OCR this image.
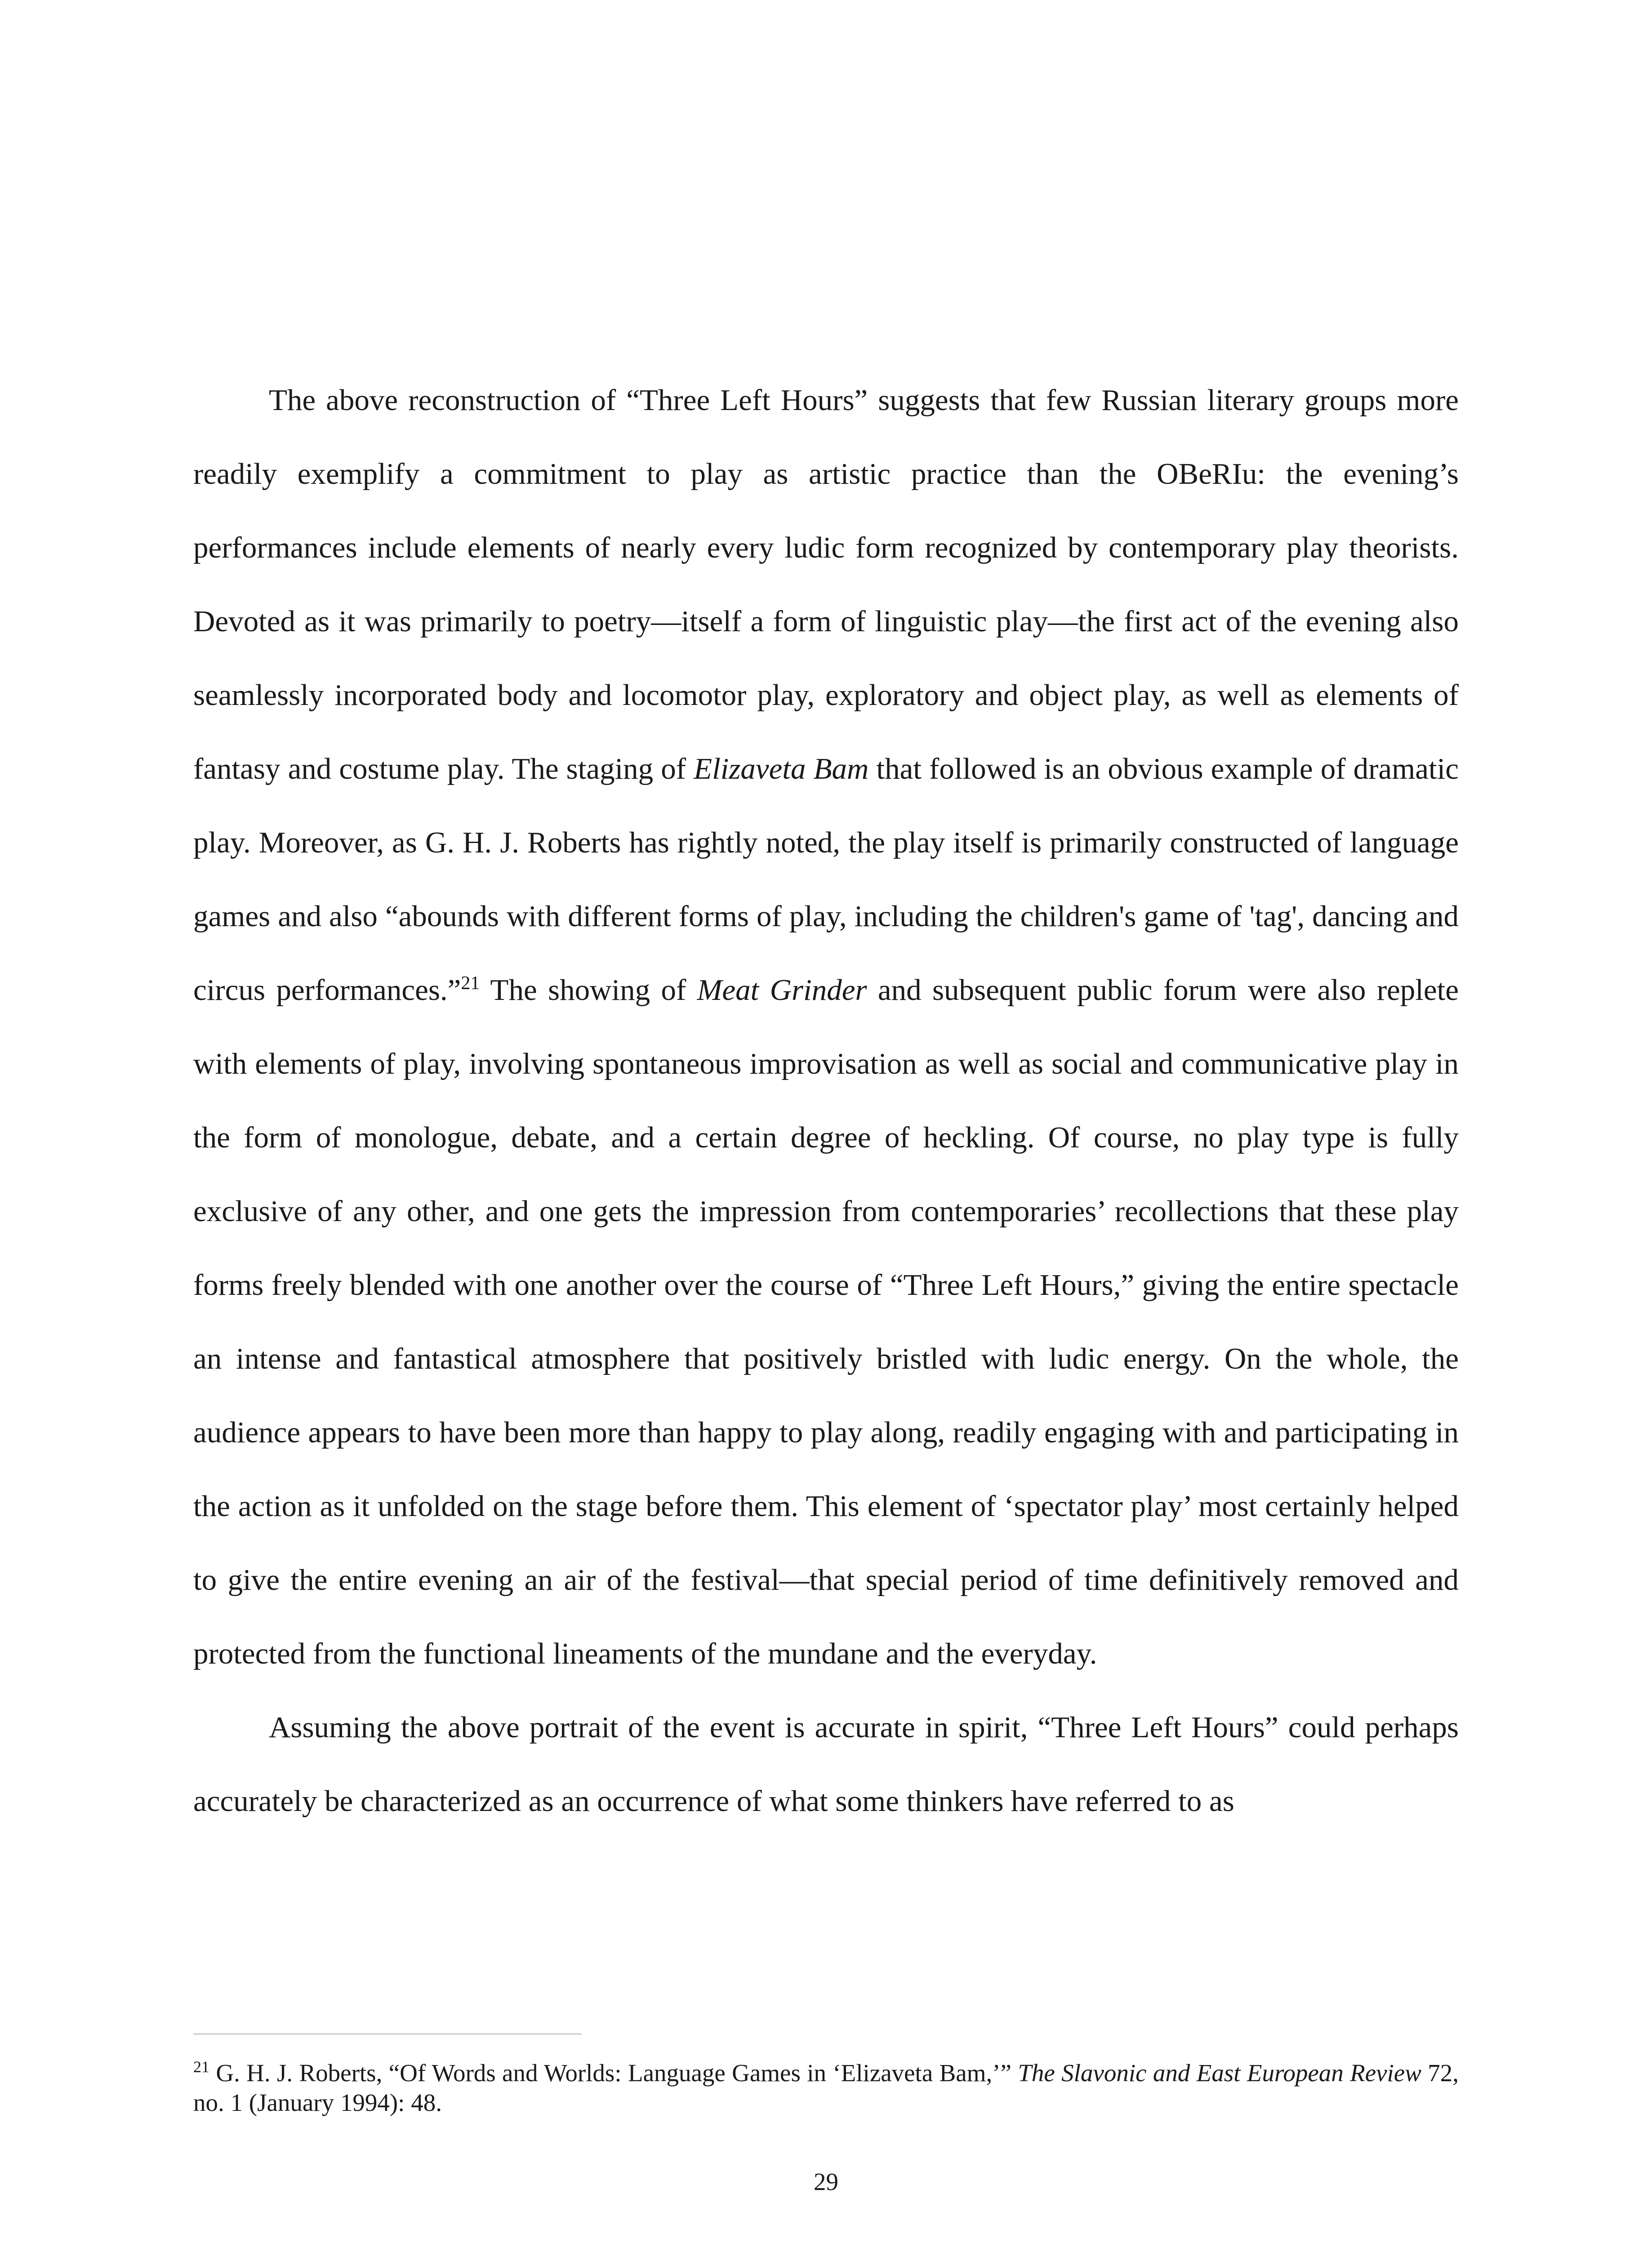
The above reconstruction of “Three Left Hours” suggests that few Russian literary groups more readily exemplify a commitment to play as artistic practice than the OBeRIu: the evening’s performances include elements of nearly every ludic form recognized by contemporary play theorists. Devoted as it was primarily to poetry—itself a form of linguistic play—the first act of the evening also seamlessly incorporated body and locomotor play, exploratory and object play, as well as elements of fantasy and costume play. The staging of Elizaveta Bam that followed is an obvious example of dramatic play. Moreover, as G. H. J. Roberts has rightly noted, the play itself is primarily constructed of language games and also “abounds with different forms of play, including the children's game of 'tag', dancing and circus performances.”$^{21}$ The showing of Meat Grinder and subsequent public forum were also replete with elements of play, involving spontaneous improvisation as well as social and communicative play in the form of monologue, debate, and a certain degree of heckling. Of course, no play type is fully exclusive of any other, and one gets the impression from contemporaries’ recollections that these play forms freely blended with one another over the course of “Three Left Hours,” giving the entire spectacle an intense and fantastical atmosphere that positively bristled with ludic energy. On the whole, the audience appears to have been more than happy to play along, readily engaging with and participating in the action as it unfolded on the stage before them. This element of ‘spectator play’ most certainly helped to give the entire evening an air of the festival—that special period of time definitively removed and protected from the functional lineaments of the mundane and the everyday.

Assuming the above portrait of the event is accurate in spirit, “Three Left Hours” could perhaps accurately be characterized as an occurrence of what some thinkers have referred to as

$^{21}$ G. H. J. Roberts, “Of Words and Worlds: Language Games in ‘Elizaveta Bam,’” The Slavonic and East European Review 72, no. 1 (January 1994): 48.
29
